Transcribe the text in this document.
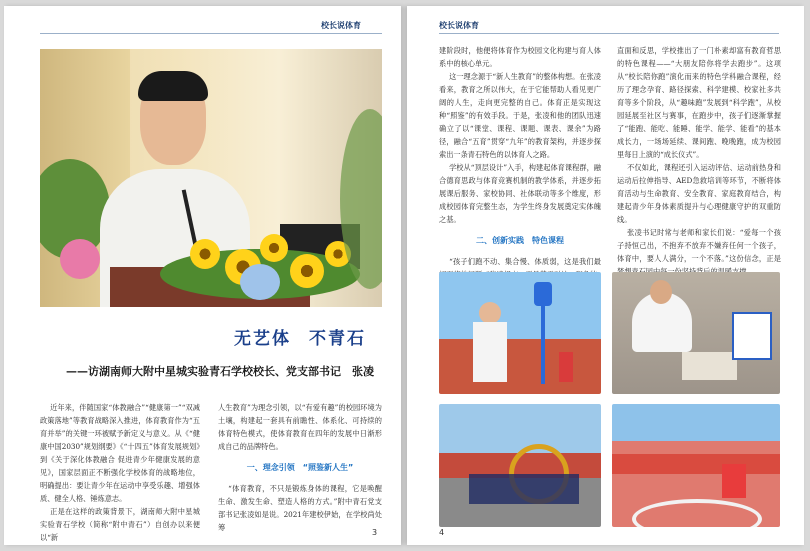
校长说体育
无艺体 不青石
——访湖南师大附中星城实验青石学校校长、党支部书记　张凌

近年来，伴随国家“体教融合”“健康第一”“双减政策落地”等教育战略深入推进，体育教育作为“五育并举”的关键一环被赋予新定义与意义。从《“健康中国2030”规划纲要》《“十四五”体育发展规划》到《关于深化体教融合 促进青少年健康发展的意见》，国家层面正不断强化学校体育的战略地位，明确提出：要让青少年在运动中享受乐趣、增强体质、健全人格、锤炼意志。

正是在这样的政策背景下，湖南师大附中星城实验青石学校（简称“附中青石”）自创办以来便以“新

人生教育”为理念引领，以“有爱有趣”的校园环境为土壤，构建起一套具有前瞻性、体系化、可持续的体育特色模式，使体育教育在四年的发展中日渐形成自己的品牌特色。

一、理念引领　“照鉴新人生”

“体育教育，不只是锻炼身体的课程，它是唤醒生命、激发生命、塑造人格的方式。”附中青石党支部书记张凌如是说。2021年建校伊始，在学校尚处筹

3
校长说体育

建阶段时，他便将体育作为校园文化构建与育人体系中的核心单元。

这一理念源于“新人生教育”的整体构想。在张凌看来，教育之所以伟大，在于它能帮助人看见更广阔的人生，走向更完整的自己。体育正是实现这种“照鉴”的有效手段。于是，张凌和他的团队迅速确立了以“课堂、课程、课题、课表、课余”为路径，融合“五育”贯穿“九年”的教育架构，并逐步探索出一条青石特色的以体育人之路。

学校从“顶层设计”入手，构建起体育课程群，融合德育思政与体育竞赛机制的教学体系，并逐步拓展课后服务、家校协同、社体联动等多个维度，形成校园体育完整生态，为学生终身发展奠定实体魄之基。

二、创新实践　特色课程

“孩子们跑不动、集合慢、体质弱，这是我们最

直面和反思，学校推出了一门朴素却富有教育哲思的特色课程——“大朋友陪你将学去跑步”。这项从“校长陪你跑”演化而来的特色学科融合课程，经历了理念孕育、路径探索、科学建模、校家社多共育等多个阶段，从“趣味跑”发展到“科学跑”，从校园延展至社区与赛事，在跑步中，孩子们逐渐掌握了“能跑、能吃、能睡、能学、能学、能看”的基本成长力，一场场延续、课间跑、晚晚跑，成为校园里每日上演的“成长仪式”。

不仅如此，课程还引入运动评估、运动前热身和运动后拉伸指导、AED急救培训等环节，不断将体育活动与生命教育、安全教育、家庭教育结合，构建起青少年身体素质提升与心理健康守护的双重防线。

张凌书记时常与老师和家长们说：“爱每一个孩子持恒己出，不抱弃不放弃不嫌弃任何一个孩子，体育中，要人人满分，一个不落。”这份信念，正是

4
